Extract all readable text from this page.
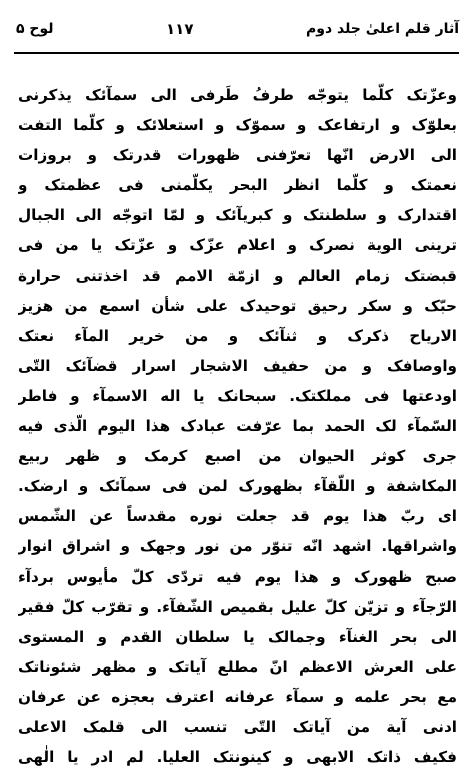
آثار قلم اعلیٰ جلد دوم
۱۱۷
لوح ۵
وعزّتک کلّما یتوجّه طرفُ طَرفی الی سمآئک یذکرنی
بعلوّک و ارتفاعک و سموّک و استعلائک و کلّما التفت
الی الارض انّها تعرّفنی ظهورات قدرتک و بروزات
نعمتک و کلّما انظر البحر یکلّمنی فی عظمتک و
اقتدارک و سلطنتک و کبریآئک و لمّا اتوجّه الی الجبال
ترینی الویة نصرک و اعلام عزّک و عزّتک یا من فی
قبضتک زمام العالم و ازمّة الامم قد اخذتنی حرارة
حبّک و سکر رحیق توحیدک علی شأن اسمع من هزیز
الارياح ذکرک و ثنآئک و من خریر المآء نعتک
واوصافک و من حفیف الاشجار اسرار قضآئک التّی
اودعتها فی مملکتک. سبحانک یا اله الاسمآء و فاطر
السّمآء لک الحمد بما عرّفت عبادک هذا الیوم الّذی فیه
جری کوثر الحیوان من اصبع کرمک و ظهر ربیع
المکاشفة و اللّقآء بظهورک لمن فی سمآئک و ارضک.
ای ربّ هذا یوم قد جعلت نوره مقدساً عن الشّمس
واشراقها. اشهد انّه تنوّر من نور وجهک و اشراق انوار
صبح ظهورک و هذا یوم فیه تردّی کلّ مأیوس بردآء
الرّجآء و تزیّن کلّ علیل بقمیص الشّفآء. و تقرّب کلّ فقیر
الی بحر الغنآء وجمالک یا سلطان القدم و المستوی
علی العرش الاعظم انّ مطلع آیاتک و مظهر شئوناتک
مع بحر علمه و سمآء عرفانه اعترف بعجزه عن عرفان
ادنی آیة من آیاتک التّی تنسب الی قلمک الاعلی
فکیف ذاتک الابهی و کینونتک العلیا. لم ادر یا الٰهی
